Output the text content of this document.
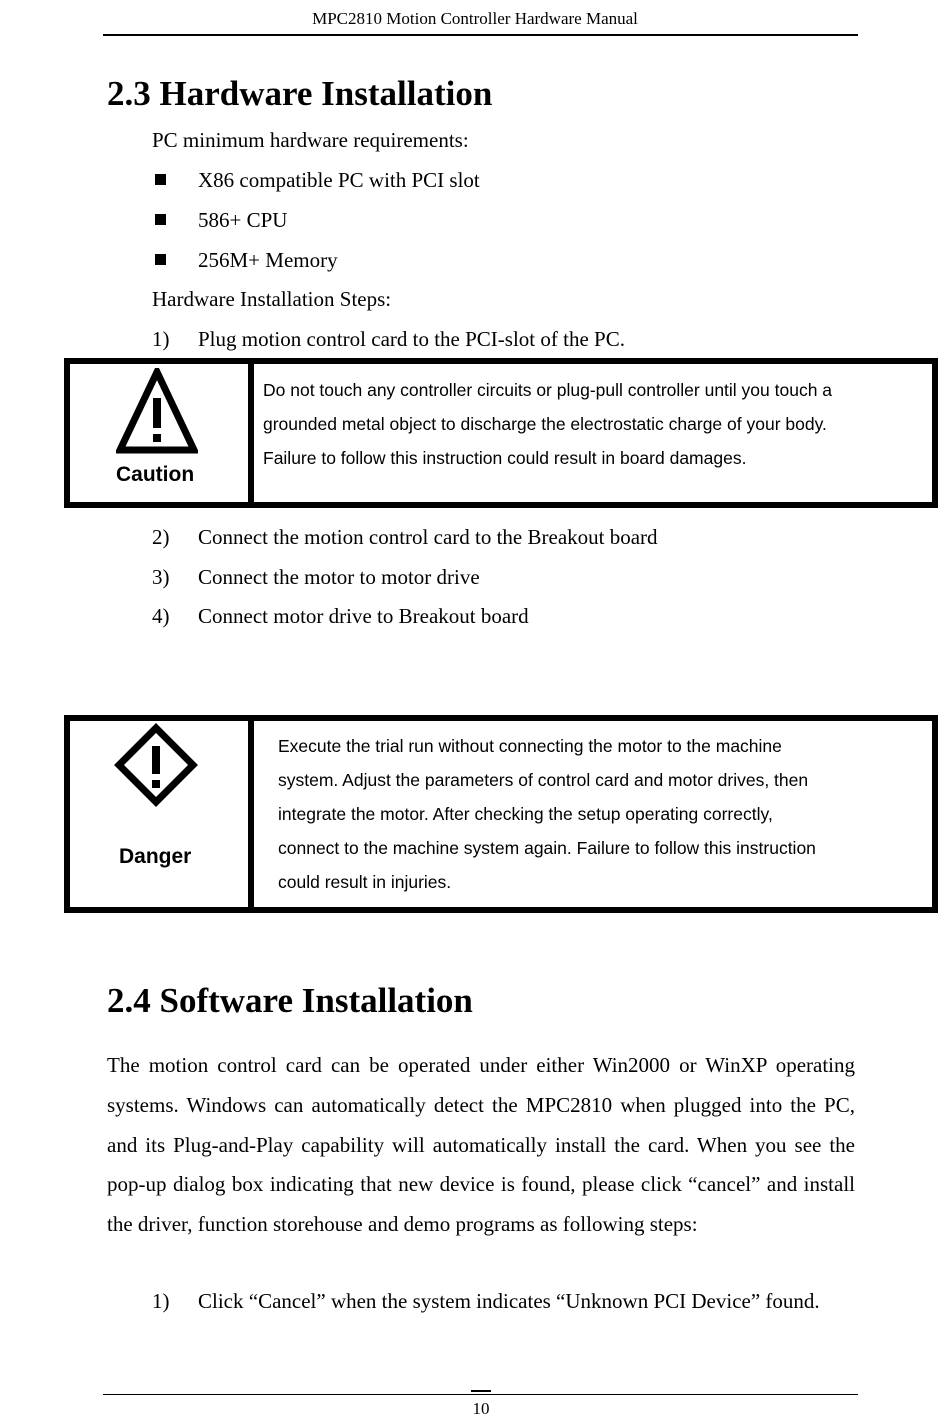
MPC2810 Motion Controller Hardware Manual
2.3 Hardware Installation
PC minimum hardware requirements:
X86 compatible PC with PCI slot
586+ CPU
256M+ Memory
Hardware Installation Steps:
1) Plug motion control card to the PCI-slot of the PC.
Caution
Do not touch any controller circuits or plug-pull controller until you touch a
grounded metal object to discharge the electrostatic charge of your body.
Failure to follow this instruction could result in board damages.
2) Connect the motion control card to the Breakout board
3) Connect the motor to motor drive
4) Connect motor drive to Breakout board
Danger
Execute the trial run without connecting the motor to the machine
system. Adjust the parameters of control card and motor drives, then
integrate the motor. After checking the setup operating correctly,
connect to the machine system again. Failure to follow this instruction
could result in injuries.
2.4 Software Installation
The motion control card can be operated under either Win2000 or WinXP operating systems. Windows can automatically detect the MPC2810 when plugged into the PC, and its Plug-and-Play capability will automatically install the card. When you see the pop-up dialog box indicating that new device is found, please click “cancel” and install the driver, function storehouse and demo programs as following steps:
1) Click “Cancel” when the system indicates “Unknown PCI Device” found.
10
